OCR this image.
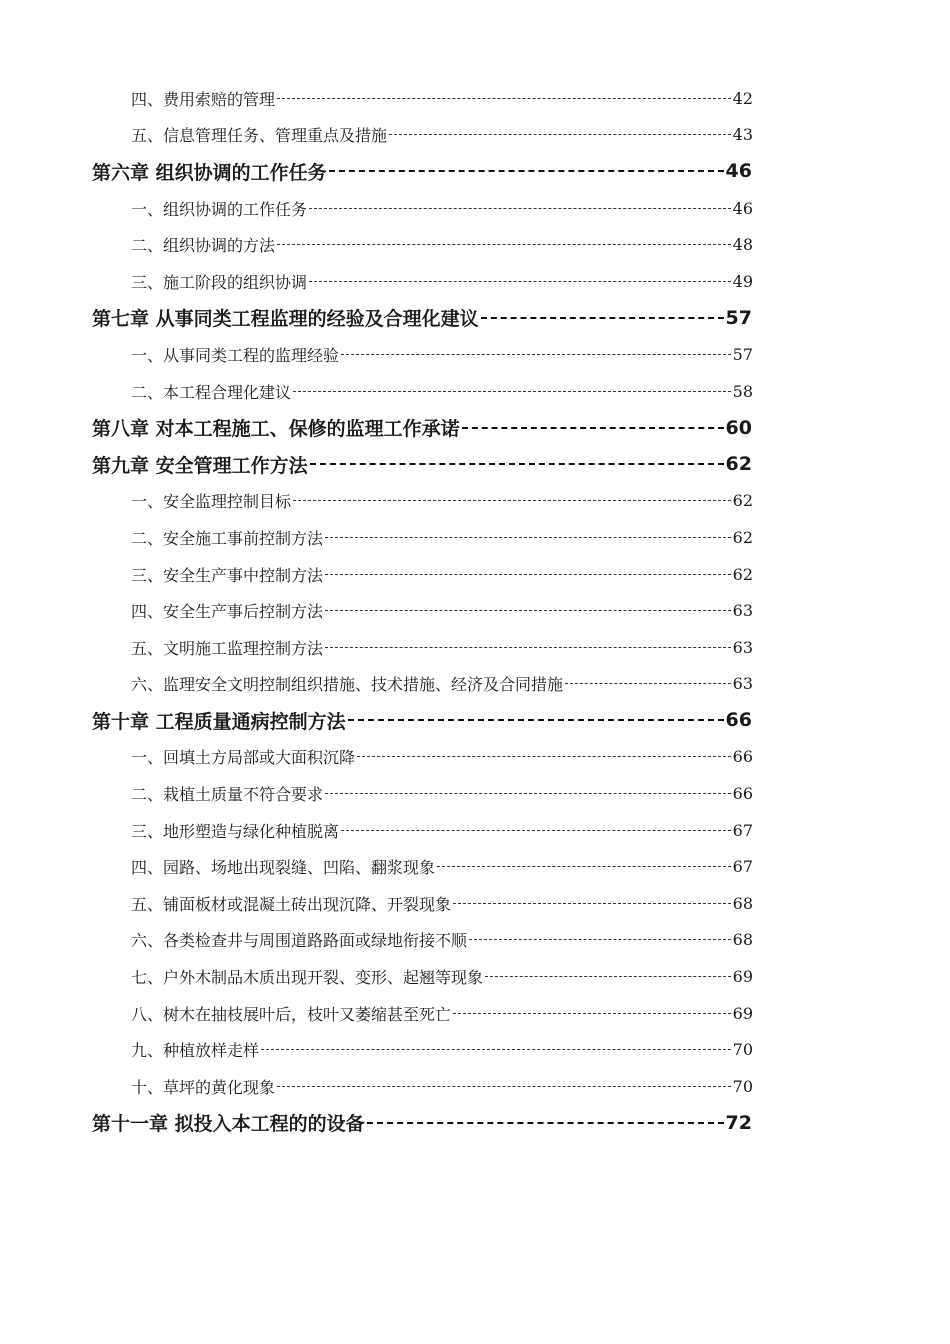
四、费用索赔的管理	42
五、信息管理任务、管理重点及措施	43
第六章 组织协调的工作任务	46
一、组织协调的工作任务	46
二、组织协调的方法	48
三、施工阶段的组织协调	49
第七章 从事同类工程监理的经验及合理化建议	57
一、从事同类工程的监理经验	57
二、本工程合理化建议	58
第八章 对本工程施工、保修的监理工作承诺	60
第九章 安全管理工作方法	62
一、安全监理控制目标	62
二、安全施工事前控制方法	62
三、安全生产事中控制方法	62
四、安全生产事后控制方法	63
五、文明施工监理控制方法	63
六、监理安全文明控制组织措施、技术措施、经济及合同措施	63
第十章 工程质量通病控制方法	66
一、回填土方局部或大面积沉降	66
二、栽植土质量不符合要求	66
三、地形塑造与绿化种植脱离	67
四、园路、场地出现裂缝、凹陷、翻浆现象	67
五、铺面板材或混凝土砖出现沉降、开裂现象	68
六、各类检查井与周围道路路面或绿地衔接不顺	68
七、户外木制品木质出现开裂、变形、起翘等现象	69
八、树木在抽枝展叶后，枝叶又萎缩甚至死亡	69
九、种植放样走样	70
十、草坪的黄化现象	70
第十一章 拟投入本工程的的设备	72
